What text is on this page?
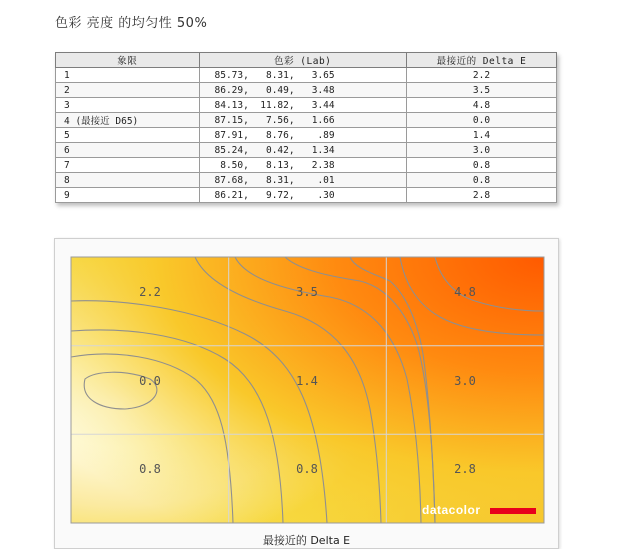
色彩 亮度 的均匀性 50%
象限	色彩 (Lab)	最接近的 Delta E
1	85.73,   8.31,   3.65	2.2
2	86.29,   0.49,   3.48	3.5
3	84.13,  11.82,   3.44	4.8
4 (最接近 D65)	87.15,   7.56,   1.66	0.0
5	87.91,   8.76,    .89	1.4
6	85.24,   0.42,   1.34	3.0
7	8.50,   8.13,   2.38	0.8
8	87.68,   8.31,    .01	0.8
9	86.21,   9.72,    .30	2.8
2.2	3.5	4.8
0.0	1.4	3.0
0.8	0.8	2.8
datacolor
最接近的 Delta E
